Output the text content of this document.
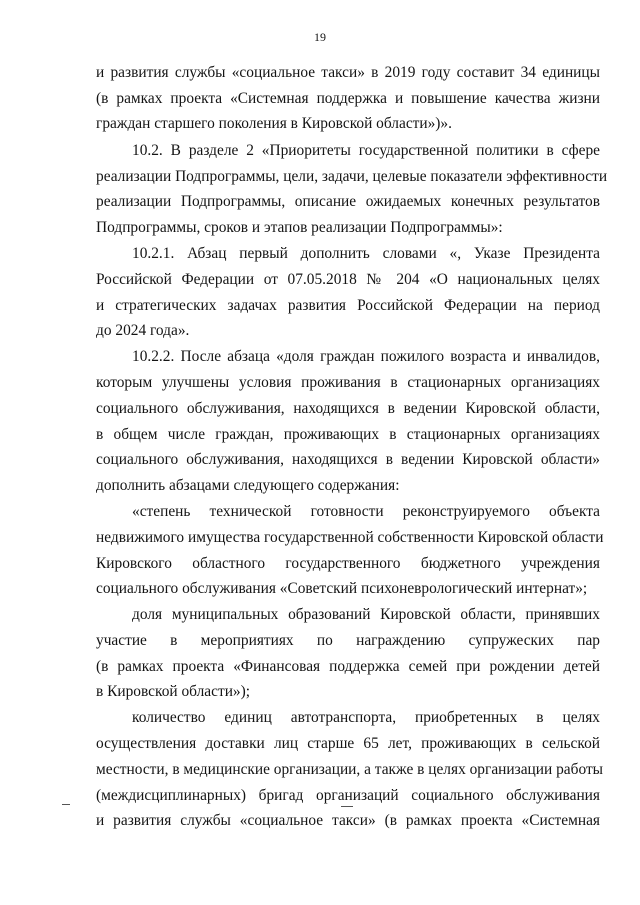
19
и развития службы «социальное такси» в 2019 году составит 34 единицы
(в рамках проекта «Системная поддержка и повышение качества жизни
граждан старшего поколения в Кировской области»)».
10.2. В разделе 2 «Приоритеты государственной политики в сфере
реализации Подпрограммы, цели, задачи, целевые показатели эффективности
реализации Подпрограммы, описание ожидаемых конечных результатов
Подпрограммы, сроков и этапов реализации Подпрограммы»:
10.2.1. Абзац первый дополнить словами «, Указе Президента
Российской Федерации от 07.05.2018 № 204 «О национальных целях
и стратегических задачах развития Российской Федерации на период
до 2024 года».
10.2.2. После абзаца «доля граждан пожилого возраста и инвалидов,
которым улучшены условия проживания в стационарных организациях
социального обслуживания, находящихся в ведении Кировской области,
в общем числе граждан, проживающих в стационарных организациях
социального обслуживания, находящихся в ведении Кировской области»
дополнить абзацами следующего содержания:
«степень технической готовности реконструируемого объекта
недвижимого имущества государственной собственности Кировской области
Кировского областного государственного бюджетного учреждения
социального обслуживания «Советский психоневрологический интернат»;
доля муниципальных образований Кировской области, принявших
участие в мероприятиях по награждению супружеских пар
(в рамках проекта «Финансовая поддержка семей при рождении детей
в Кировской области»);
количество единиц автотранспорта, приобретенных в целях
осуществления доставки лиц старше 65 лет, проживающих в сельской
местности, в медицинские организации, а также в целях организации работы
(междисциплинарных) бригад организаций социального обслуживания
и развития службы «социальное такси» (в рамках проекта «Системная
